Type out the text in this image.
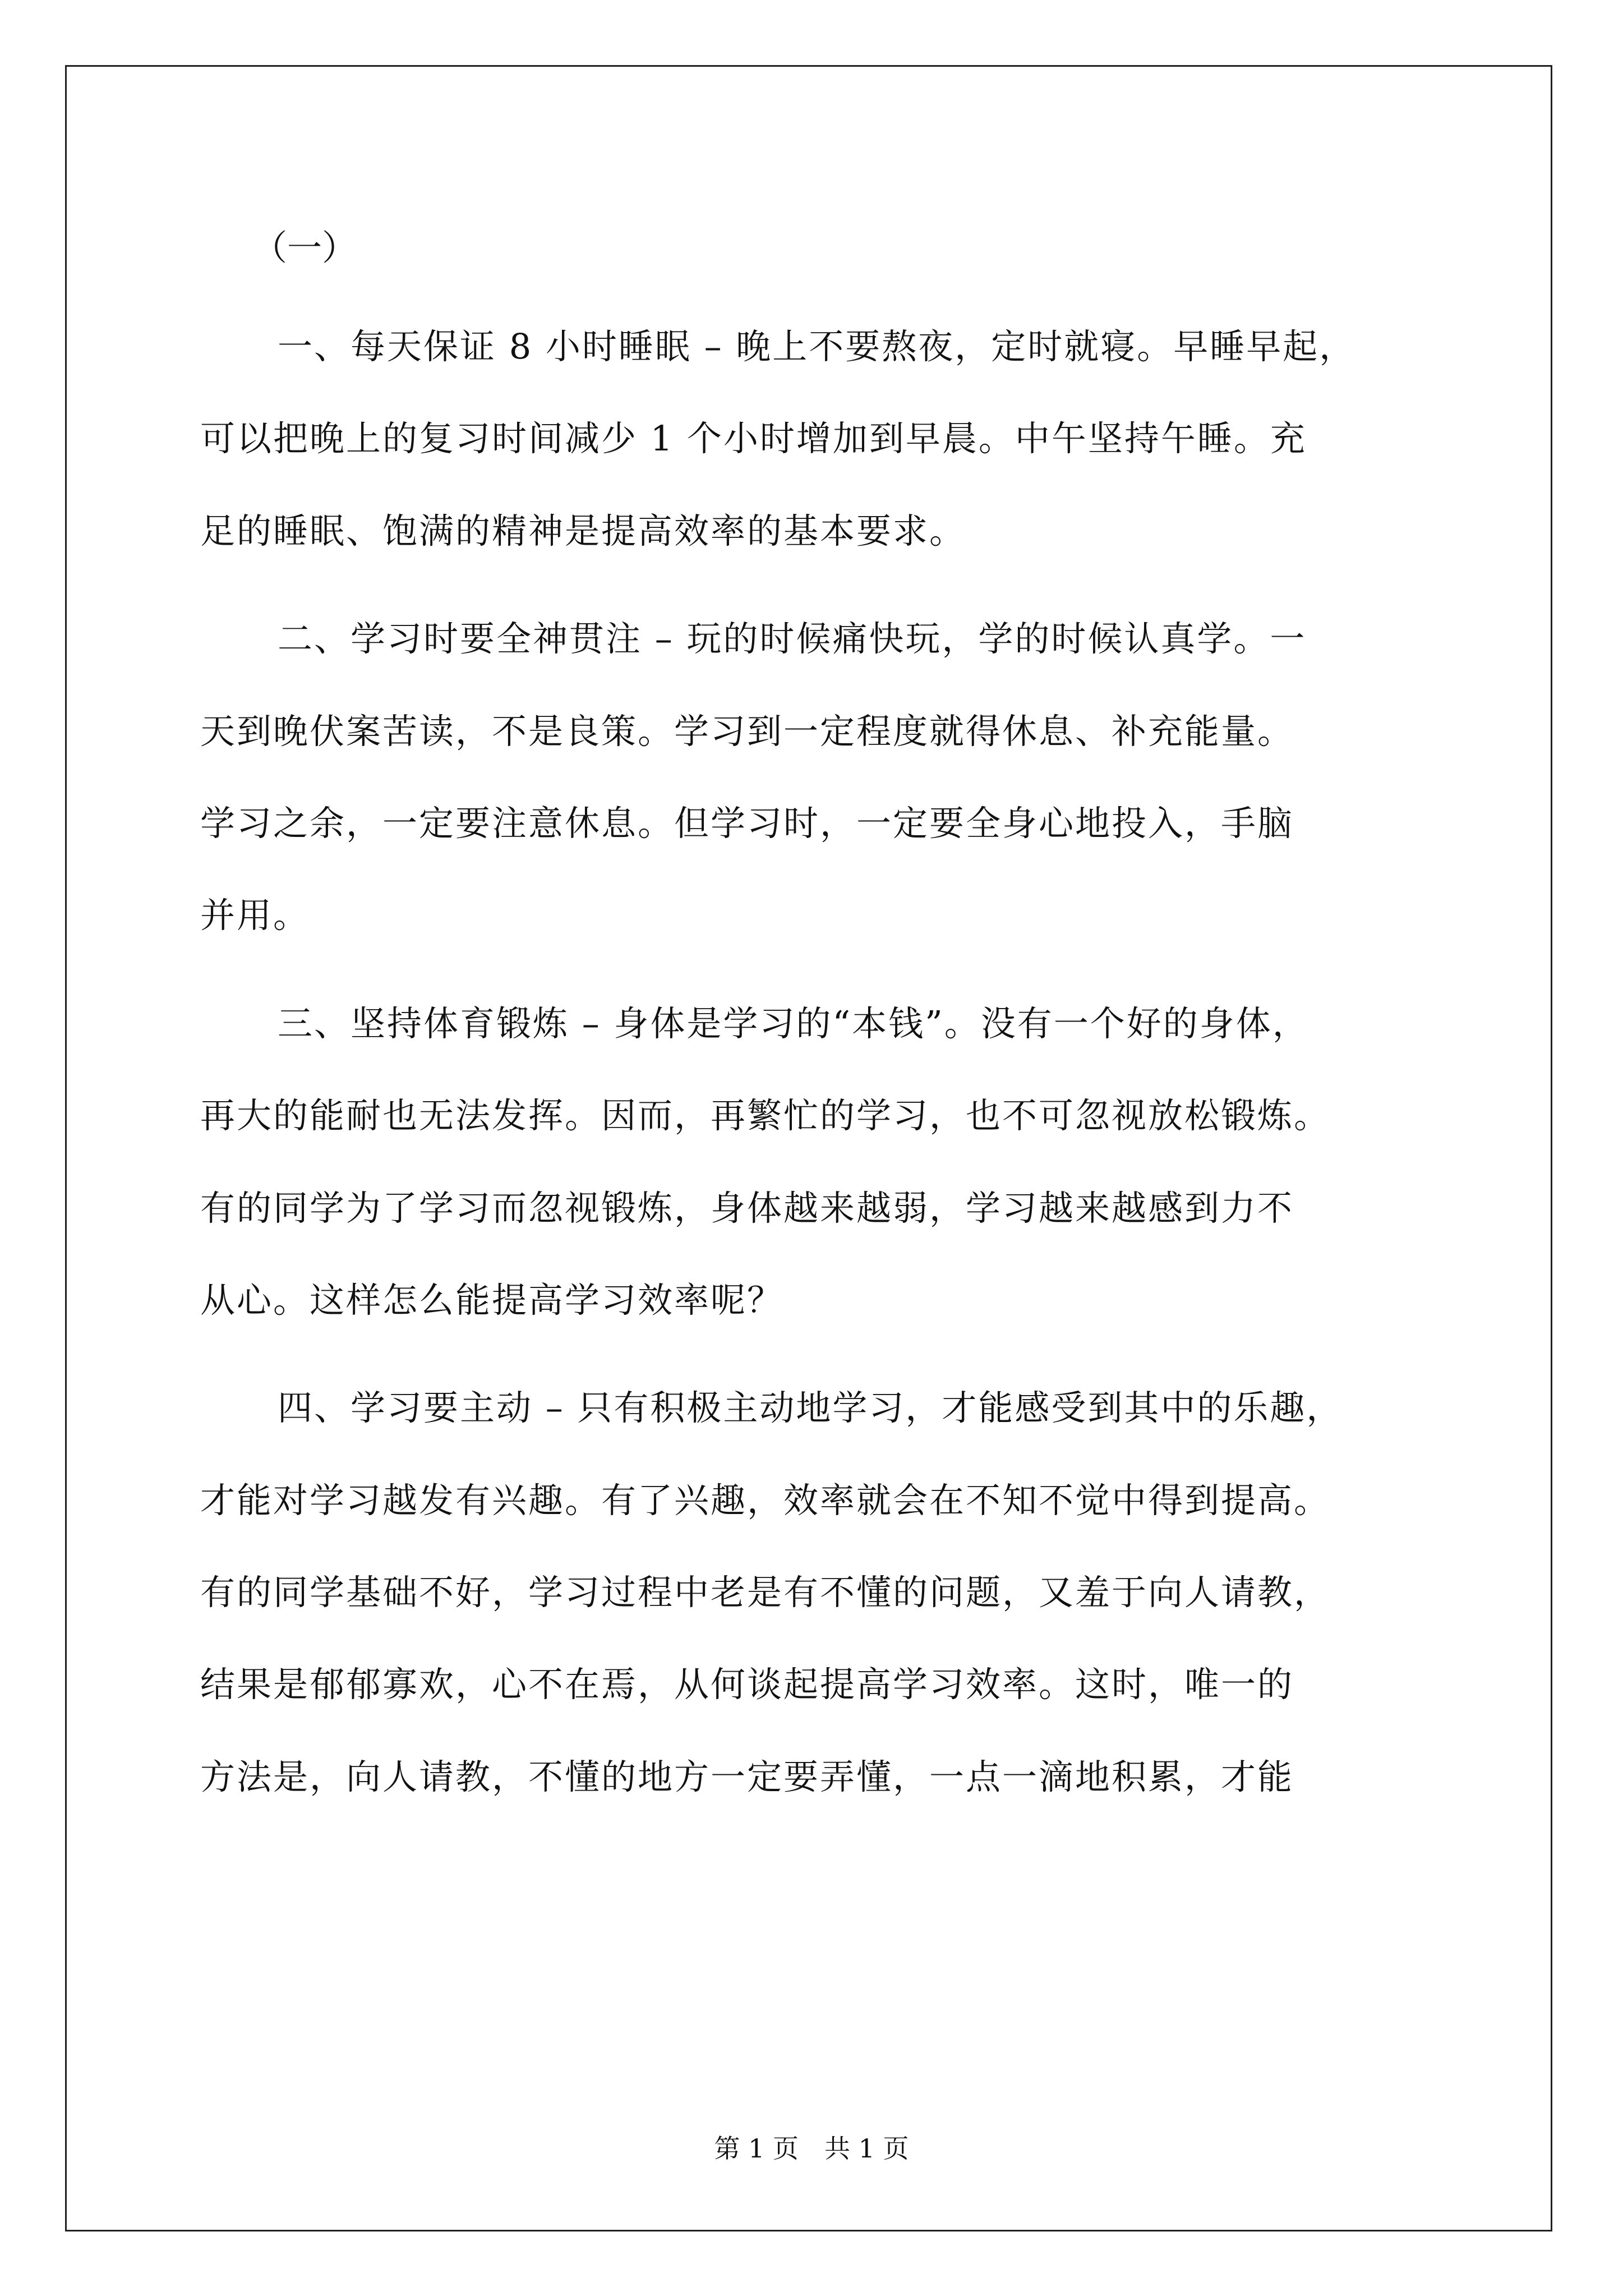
（一）
一、每天保证 8 小时睡眠 – 晚上不要熬夜，定时就寝。早睡早起，
可以把晚上的复习时间减少 1 个小时增加到早晨。中午坚持午睡。充
足的睡眠、饱满的精神是提高效率的基本要求。
二、学习时要全神贯注 – 玩的时候痛快玩，学的时候认真学。一
天到晚伏案苦读，不是良策。学习到一定程度就得休息、补充能量。
学习之余，一定要注意休息。但学习时，一定要全身心地投入，手脑
并用。
三、坚持体育锻炼 – 身体是学习的“本钱”。没有一个好的身体，
再大的能耐也无法发挥。因而，再繁忙的学习，也不可忽视放松锻炼。
有的同学为了学习而忽视锻炼，身体越来越弱，学习越来越感到力不
从心。这样怎么能提高学习效率呢？
四、学习要主动 – 只有积极主动地学习，才能感受到其中的乐趣，
才能对学习越发有兴趣。有了兴趣，效率就会在不知不觉中得到提高。
有的同学基础不好，学习过程中老是有不懂的问题，又羞于向人请教，
结果是郁郁寡欢，心不在焉，从何谈起提高学习效率。这时，唯一的
方法是，向人请教，不懂的地方一定要弄懂，一点一滴地积累，才能
第 1 页　共 1 页
